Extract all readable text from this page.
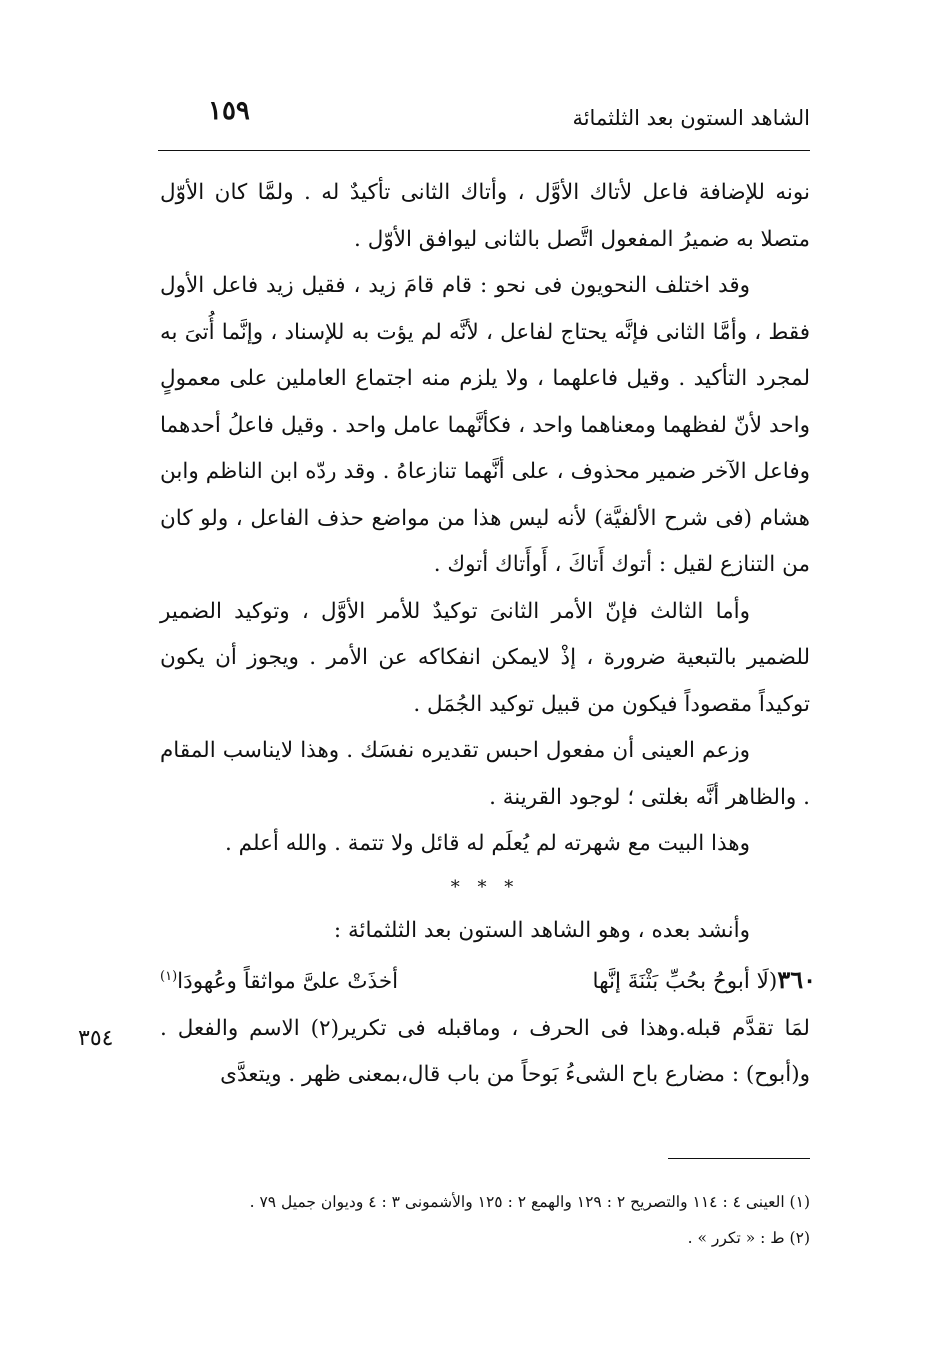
١٥٩	الشاهد الستون بعد الثلثمائة

نونه للإضافة فاعل لأتاك الأوَّل ، وأتاك الثانى تأكيدٌ له . ولمَّا كان الأوّل متصلا به ضميرُ المفعول اتَّصل بالثانى ليوافق الأوّل .

وقد اختلف النحويون فى نحو : قام قامَ زيد ، فقيل زيد فاعل الأول فقط ، وأمَّا الثانى فإنَّه يحتاج لفاعل ، لأنَّه لم يؤت به للإسناد ، وإنَّما أُتىَ به لمجرد التأكيد . وقيل فاعلهما ، ولا يلزم منه اجتماع العاملين على معمولٍ واحد لأنّ لفظهما ومعناهما واحد ، فكأنَّهما عامل واحد . وقيل فاعلُ أحدهما وفاعل الآخر ضمير محذوف ، على أنَّهما تنازعاهُ . وقد ردّه ابن الناظم وابن هشام (فى شرح الألفيَّة) لأنه ليس هذا من مواضع حذف الفاعل ، ولو كان من التنازع لقيل : أتوك أَتاكَ ، أَوأَتاك أتوك .

وأما الثالث فإنّ الأمر الثانىَ توكيدٌ للأمر الأوَّل ، وتوكيد الضمير للضمير بالتبعية ضرورة ، إذْ لايمكن انفكاكه عن الأمر . ويجوز أن يكون توكيداً مقصوداً فيكون من قبيل توكيد الجُمَل .

وزعم العينى أن مفعول احبس تقديره نفسَك . وهذا لايناسب المقام . والظاهر أنَّه بغلتى ؛ لوجود القرينة .

وهذا البيت مع شهرته لم يُعلَم له قائل ولا تتمة . والله أعلم .

* * *

وأنشد بعده ، وهو الشاهد الستون بعد الثلثمائة :

٣٦٠(لَا أبوحُ بحُبِّ بَثْنَةَ إنَّها
أخذَتْ علىَّ مواثقاً وعُهودَا$^{(١)}$

لمَا تقدَّم قبله.وهذا فى الحرف ، وماقبله فى تكرير(٢) الاسم والفعل . و(أبوح) : مضارع باح الشىءُ بَوحاً من باب قال،بمعنى ظهر . ويتعدَّى

٣٥٤

(١) العينى ٤ : ١١٤ والتصريح ٢ : ١٢٩ والهمع ٢ : ١٢٥ والأشمونى ٣ : ٤ وديوان جميل ٧٩ .

(٢) ط : « تكرر » .
